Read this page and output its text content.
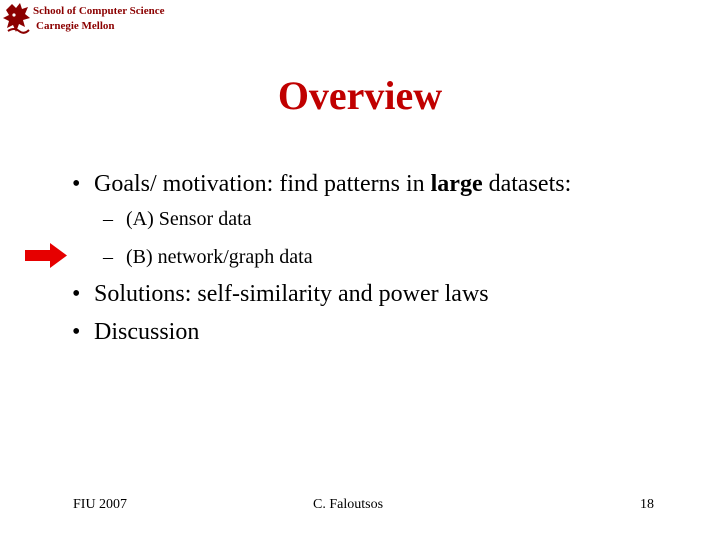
School of Computer Science
Carnegie Mellon
Overview
• Goals/ motivation: find patterns in large datasets:
– (A) Sensor data
– (B) network/graph data
• Solutions: self-similarity and power laws
• Discussion
FIU 2007	C. Faloutsos	18
